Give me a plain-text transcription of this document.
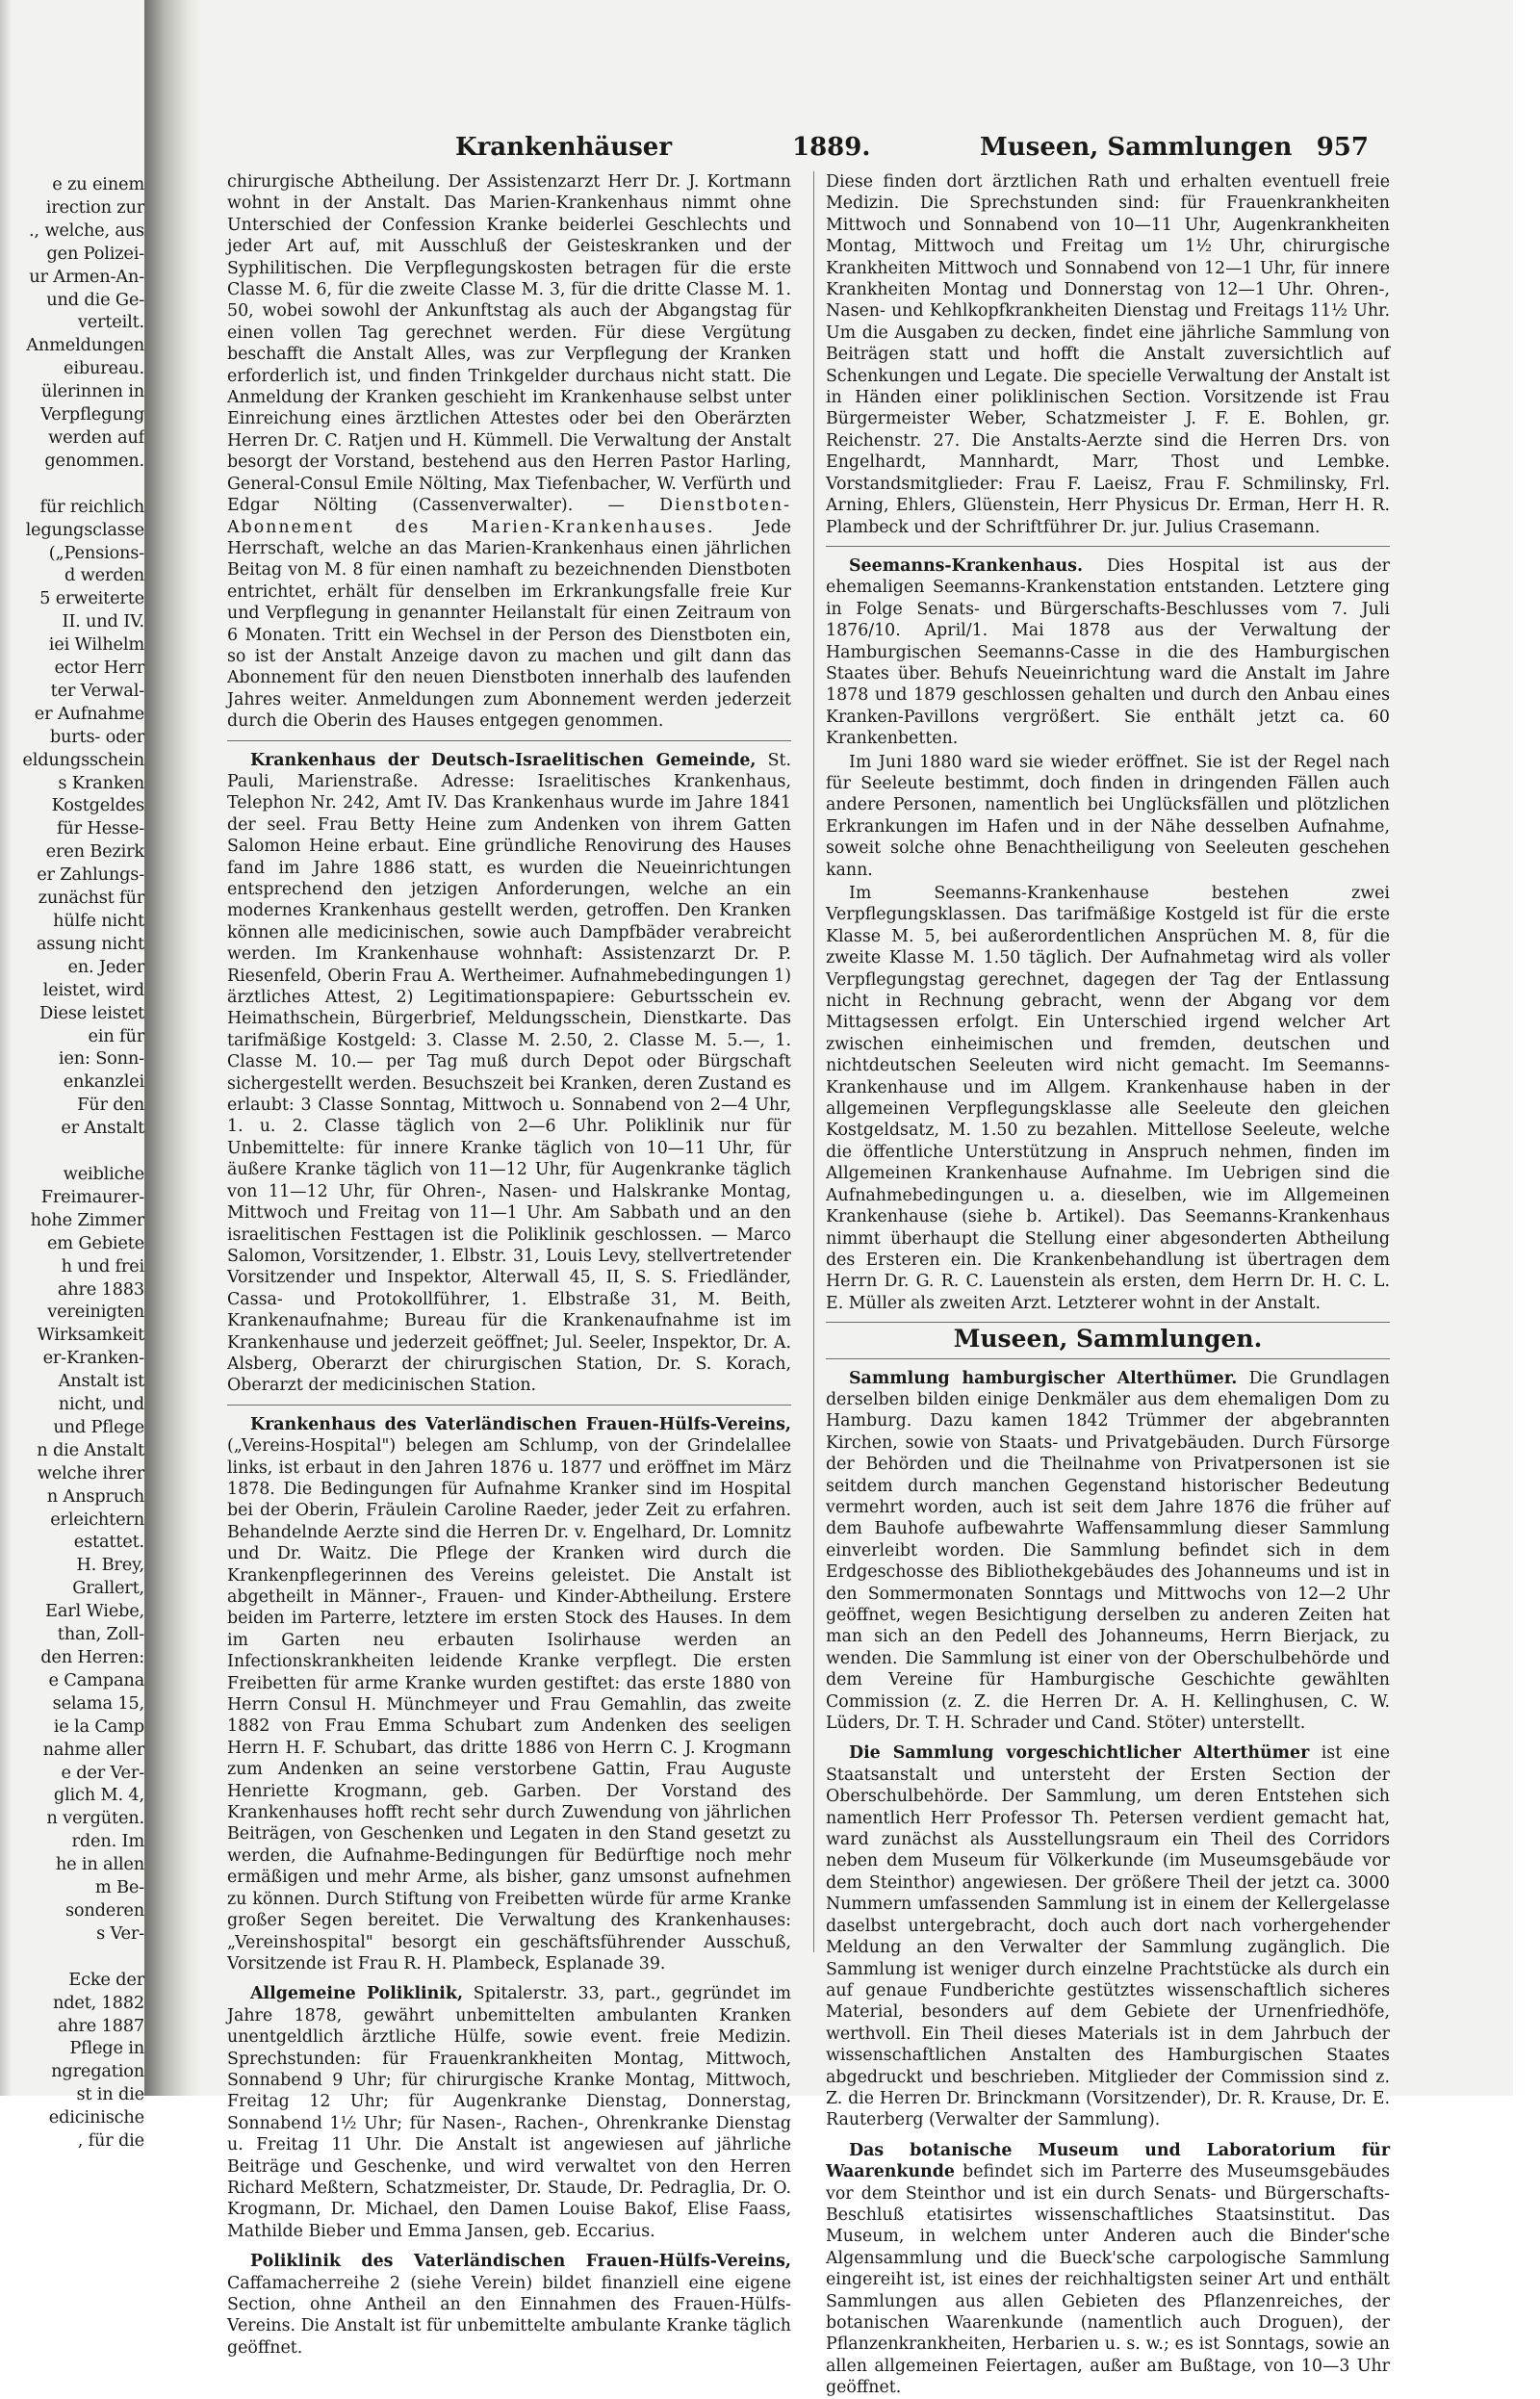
e zu einem
irection zur
., welche, aus
gen Polizei-
ur Armen-An-
und die Ge-
verteilt.
Anmeldungen
eibureau.
ülerinnen in
Verpflegung
werden auf
genommen.

für reichlich
legungsclasse
(„Pensions-
d werden
5 erweiterte
II. und IV.
iei Wilhelm
ector Herr
ter Verwal-
er Aufnahme
burts- oder
eldungsschein
s Kranken
Kostgeldes
für Hesse-
eren Bezirk
er Zahlungs-
zunächst für
hülfe nicht
assung nicht
en. Jeder
leistet, wird
Diese leistet
ein für
ien: Sonn-
enkanzlei
Für den
er Anstalt

weibliche
Freimaurer-
hohe Zimmer
em Gebiete
h und frei
ahre 1883
vereinigten
Wirksamkeit
er-Kranken-
Anstalt ist
nicht, und
und Pflege
n die Anstalt
welche ihrer
n Anspruch
erleichtern
estattet.
H. Brey,
Grallert,
Earl Wiebe,
than, Zoll-
den Herren:
e Campana
selama 15,
ie la Camp
nahme aller
e der Ver-
glich M. 4,
n vergüten.
rden. Im
he in allen
m Be-
sonderen
s Ver-

Ecke der
ndet, 1882
ahre 1887
Pflege in
ngregation
st in die
edicinische
, für die
Krankenhäuser	1889.	Museen, Sammlungen 957

chirurgische Abtheilung. Der Assistenzarzt Herr Dr. J. Kortmann wohnt in der Anstalt. Das Marien-Krankenhaus nimmt ohne Unterschied der Confession Kranke beiderlei Geschlechts und jeder Art auf, mit Ausschluß der Geisteskranken und der Syphilitischen. Die Verpflegungskosten betragen für die erste Classe M. 6, für die zweite Classe M. 3, für die dritte Classe M. 1. 50, wobei sowohl der Ankunftstag als auch der Abgangstag für einen vollen Tag gerechnet werden. Für diese Vergütung beschafft die Anstalt Alles, was zur Verpflegung der Kranken erforderlich ist, und finden Trinkgelder durchaus nicht statt. Die Anmeldung der Kranken geschieht im Krankenhause selbst unter Einreichung eines ärztlichen Attestes oder bei den Oberärzten Herren Dr. C. Ratjen und H. Kümmell. Die Verwaltung der Anstalt besorgt der Vorstand, bestehend aus den Herren Pastor Harling, General-Consul Emile Nölting, Max Tiefenbacher, W. Verfürth und Edgar Nölting (Cassenverwalter). — Dienstboten-Abonnement des Marien-Krankenhauses. Jede Herrschaft, welche an das Marien-Krankenhaus einen jährlichen Beitag von M. 8 für einen namhaft zu bezeichnenden Dienstboten entrichtet, erhält für denselben im Erkrankungsfalle freie Kur und Verpflegung in genannter Heilanstalt für einen Zeitraum von 6 Monaten. Tritt ein Wechsel in der Person des Dienstboten ein, so ist der Anstalt Anzeige davon zu machen und gilt dann das Abonnement für den neuen Dienstboten innerhalb des laufenden Jahres weiter. Anmeldungen zum Abonnement werden jederzeit durch die Oberin des Hauses entgegen genommen.

Krankenhaus der Deutsch-Israelitischen Gemeinde, St. Pauli, Marienstraße. Adresse: Israelitisches Krankenhaus, Telephon Nr. 242, Amt IV. Das Krankenhaus wurde im Jahre 1841 der seel. Frau Betty Heine zum Andenken von ihrem Gatten Salomon Heine erbaut. Eine gründliche Renovirung des Hauses fand im Jahre 1886 statt, es wurden die Neueinrichtungen entsprechend den jetzigen Anforderungen, welche an ein modernes Krankenhaus gestellt werden, getroffen. Den Kranken können alle medicinischen, sowie auch Dampfbäder verabreicht werden. Im Krankenhause wohnhaft: Assistenzarzt Dr. P. Riesenfeld, Oberin Frau A. Wertheimer. Aufnahmebedingungen 1) ärztliches Attest, 2) Legitimationspapiere: Geburtsschein ev. Heimathschein, Bürgerbrief, Meldungsschein, Dienstkarte. Das tarifmäßige Kostgeld: 3. Classe M. 2.50, 2. Classe M. 5.—, 1. Classe M. 10.— per Tag muß durch Depot oder Bürgschaft sichergestellt werden. Besuchszeit bei Kranken, deren Zustand es erlaubt: 3 Classe Sonntag, Mittwoch u. Sonnabend von 2—4 Uhr, 1. u. 2. Classe täglich von 2—6 Uhr. Poliklinik nur für Unbemittelte: für innere Kranke täglich von 10—11 Uhr, für äußere Kranke täglich von 11—12 Uhr, für Augenkranke täglich von 11—12 Uhr, für Ohren-, Nasen- und Halskranke Montag, Mittwoch und Freitag von 11—1 Uhr. Am Sabbath und an den israelitischen Festtagen ist die Poliklinik geschlossen. — Marco Salomon, Vorsitzender, 1. Elbstr. 31, Louis Levy, stellvertretender Vorsitzender und Inspektor, Alterwall 45, II, S. S. Friedländer, Cassa- und Protokollführer, 1. Elbstraße 31, M. Beith, Krankenaufnahme; Bureau für die Krankenaufnahme ist im Krankenhause und jederzeit geöffnet; Jul. Seeler, Inspektor, Dr. A. Alsberg, Oberarzt der chirurgischen Station, Dr. S. Korach, Oberarzt der medicinischen Station.

Krankenhaus des Vaterländischen Frauen-Hülfs-Vereins, („Vereins-Hospital") belegen am Schlump, von der Grindelallee links, ist erbaut in den Jahren 1876 u. 1877 und eröffnet im März 1878. Die Bedingungen für Aufnahme Kranker sind im Hospital bei der Oberin, Fräulein Caroline Raeder, jeder Zeit zu erfahren. Behandelnde Aerzte sind die Herren Dr. v. Engelhard, Dr. Lomnitz und Dr. Waitz. Die Pflege der Kranken wird durch die Krankenpflegerinnen des Vereins geleistet. Die Anstalt ist abgetheilt in Männer-, Frauen- und Kinder-Abtheilung. Erstere beiden im Parterre, letztere im ersten Stock des Hauses. In dem im Garten neu erbauten Isolirhause werden an Infectionskrankheiten leidende Kranke verpflegt. Die ersten Freibetten für arme Kranke wurden gestiftet: das erste 1880 von Herrn Consul H. Münchmeyer und Frau Gemahlin, das zweite 1882 von Frau Emma Schubart zum Andenken des seeligen Herrn H. F. Schubart, das dritte 1886 von Herrn C. J. Krogmann zum Andenken an seine verstorbene Gattin, Frau Auguste Henriette Krogmann, geb. Garben. Der Vorstand des Krankenhauses hofft recht sehr durch Zuwendung von jährlichen Beiträgen, von Geschenken und Legaten in den Stand gesetzt zu werden, die Aufnahme-Bedingungen für Bedürftige noch mehr ermäßigen und mehr Arme, als bisher, ganz umsonst aufnehmen zu können. Durch Stiftung von Freibetten würde für arme Kranke großer Segen bereitet. Die Verwaltung des Krankenhauses: „Vereinshospital" besorgt ein geschäftsführender Ausschuß, Vorsitzende ist Frau R. H. Plambeck, Esplanade 39.

Allgemeine Poliklinik, Spitalerstr. 33, part., gegründet im Jahre 1878, gewährt unbemittelten ambulanten Kranken unentgeldlich ärztliche Hülfe, sowie event. freie Medizin. Sprechstunden: für Frauenkrankheiten Montag, Mittwoch, Sonnabend 9 Uhr; für chirurgische Kranke Montag, Mittwoch, Freitag 12 Uhr; für Augenkranke Dienstag, Donnerstag, Sonnabend 1½ Uhr; für Nasen-, Rachen-, Ohrenkranke Dienstag u. Freitag 11 Uhr. Die Anstalt ist angewiesen auf jährliche Beiträge und Geschenke, und wird verwaltet von den Herren Richard Meßtern, Schatzmeister, Dr. Staude, Dr. Pedraglia, Dr. O. Krogmann, Dr. Michael, den Damen Louise Bakof, Elise Faass, Mathilde Bieber und Emma Jansen, geb. Eccarius.

Poliklinik des Vaterländischen Frauen-Hülfs-Vereins, Caffamacherreihe 2 (siehe Verein) bildet finanziell eine eigene Section, ohne Antheil an den Einnahmen des Frauen-Hülfs-Vereins. Die Anstalt ist für unbemittelte ambulante Kranke täglich geöffnet.

Diese finden dort ärztlichen Rath und erhalten eventuell freie Medizin. Die Sprechstunden sind: für Frauenkrankheiten Mittwoch und Sonnabend von 10—11 Uhr, Augenkrankheiten Montag, Mittwoch und Freitag um 1½ Uhr, chirurgische Krankheiten Mittwoch und Sonnabend von 12—1 Uhr, für innere Krankheiten Montag und Donnerstag von 12—1 Uhr. Ohren-, Nasen- und Kehlkopfkrankheiten Dienstag und Freitags 11½ Uhr. Um die Ausgaben zu decken, findet eine jährliche Sammlung von Beiträgen statt und hofft die Anstalt zuversichtlich auf Schenkungen und Legate. Die specielle Verwaltung der Anstalt ist in Händen einer poliklinischen Section. Vorsitzende ist Frau Bürgermeister Weber, Schatzmeister J. F. E. Bohlen, gr. Reichenstr. 27. Die Anstalts-Aerzte sind die Herren Drs. von Engelhardt, Mannhardt, Marr, Thost und Lembke. Vorstandsmitglieder: Frau F. Laeisz, Frau F. Schmilinsky, Frl. Arning, Ehlers, Glüenstein, Herr Physicus Dr. Erman, Herr H. R. Plambeck und der Schriftführer Dr. jur. Julius Crasemann.

Seemanns-Krankenhaus. Dies Hospital ist aus der ehemaligen Seemanns-Krankenstation entstanden. Letztere ging in Folge Senats- und Bürgerschafts-Beschlusses vom 7. Juli 1876/10. April/1. Mai 1878 aus der Verwaltung der Hamburgischen Seemanns-Casse in die des Hamburgischen Staates über. Behufs Neueinrichtung ward die Anstalt im Jahre 1878 und 1879 geschlossen gehalten und durch den Anbau eines Kranken-Pavillons vergrößert. Sie enthält jetzt ca. 60 Krankenbetten.

Im Juni 1880 ward sie wieder eröffnet. Sie ist der Regel nach für Seeleute bestimmt, doch finden in dringenden Fällen auch andere Personen, namentlich bei Unglücksfällen und plötzlichen Erkrankungen im Hafen und in der Nähe desselben Aufnahme, soweit solche ohne Benachtheiligung von Seeleuten geschehen kann.

Im Seemanns-Krankenhause bestehen zwei Verpflegungsklassen. Das tarifmäßige Kostgeld ist für die erste Klasse M. 5, bei außerordentlichen Ansprüchen M. 8, für die zweite Klasse M. 1.50 täglich. Der Aufnahmetag wird als voller Verpflegungstag gerechnet, dagegen der Tag der Entlassung nicht in Rechnung gebracht, wenn der Abgang vor dem Mittagsessen erfolgt. Ein Unterschied irgend welcher Art zwischen einheimischen und fremden, deutschen und nichtdeutschen Seeleuten wird nicht gemacht. Im Seemanns-Krankenhause und im Allgem. Krankenhause haben in der allgemeinen Verpflegungsklasse alle Seeleute den gleichen Kostgeldsatz, M. 1.50 zu bezahlen. Mittellose Seeleute, welche die öffentliche Unterstützung in Anspruch nehmen, finden im Allgemeinen Krankenhause Aufnahme. Im Uebrigen sind die Aufnahmebedingungen u. a. dieselben, wie im Allgemeinen Krankenhause (siehe b. Artikel). Das Seemanns-Krankenhaus nimmt überhaupt die Stellung einer abgesonderten Abtheilung des Ersteren ein. Die Krankenbehandlung ist übertragen dem Herrn Dr. G. R. C. Lauenstein als ersten, dem Herrn Dr. H. C. L. E. Müller als zweiten Arzt. Letzterer wohnt in der Anstalt.

Museen, Sammlungen.

Sammlung hamburgischer Alterthümer. Die Grundlagen derselben bilden einige Denkmäler aus dem ehemaligen Dom zu Hamburg. Dazu kamen 1842 Trümmer der abgebrannten Kirchen, sowie von Staats- und Privatgebäuden. Durch Fürsorge der Behörden und die Theilnahme von Privatpersonen ist sie seitdem durch manchen Gegenstand historischer Bedeutung vermehrt worden, auch ist seit dem Jahre 1876 die früher auf dem Bauhofe aufbewahrte Waffensammlung dieser Sammlung einverleibt worden. Die Sammlung befindet sich in dem Erdgeschosse des Bibliothekgebäudes des Johanneums und ist in den Sommermonaten Sonntags und Mittwochs von 12—2 Uhr geöffnet, wegen Besichtigung derselben zu anderen Zeiten hat man sich an den Pedell des Johanneums, Herrn Bierjack, zu wenden. Die Sammlung ist einer von der Oberschulbehörde und dem Vereine für Hamburgische Geschichte gewählten Commission (z. Z. die Herren Dr. A. H. Kellinghusen, C. W. Lüders, Dr. T. H. Schrader und Cand. Stöter) unterstellt.

Die Sammlung vorgeschichtlicher Alterthümer ist eine Staatsanstalt und untersteht der Ersten Section der Oberschulbehörde. Der Sammlung, um deren Entstehen sich namentlich Herr Professor Th. Petersen verdient gemacht hat, ward zunächst als Ausstellungsraum ein Theil des Corridors neben dem Museum für Völkerkunde (im Museumsgebäude vor dem Steinthor) angewiesen. Der größere Theil der jetzt ca. 3000 Nummern umfassenden Sammlung ist in einem der Kellergelasse daselbst untergebracht, doch auch dort nach vorhergehender Meldung an den Verwalter der Sammlung zugänglich. Die Sammlung ist weniger durch einzelne Prachtstücke als durch ein auf genaue Fundberichte gestütztes wissenschaftlich sicheres Material, besonders auf dem Gebiete der Urnenfriedhöfe, werthvoll. Ein Theil dieses Materials ist in dem Jahrbuch der wissenschaftlichen Anstalten des Hamburgischen Staates abgedruckt und beschrieben. Mitglieder der Commission sind z. Z. die Herren Dr. Brinckmann (Vorsitzender), Dr. R. Krause, Dr. E. Rauterberg (Verwalter der Sammlung).

Das botanische Museum und Laboratorium für Waarenkunde befindet sich im Parterre des Museumsgebäudes vor dem Steinthor und ist ein durch Senats- und Bürgerschafts-Beschluß etatisirtes wissenschaftliches Staatsinstitut. Das Museum, in welchem unter Anderen auch die Binder'sche Algensammlung und die Bueck'sche carpologische Sammlung eingereiht ist, ist eines der reichhaltigsten seiner Art und enthält Sammlungen aus allen Gebieten des Pflanzenreiches, der botanischen Waarenkunde (namentlich auch Droguen), der Pflanzenkrankheiten, Herbarien u. s. w.; es ist Sonntags, sowie an allen allgemeinen Feiertagen, außer am Bußtage, von 10—3 Uhr geöffnet.
